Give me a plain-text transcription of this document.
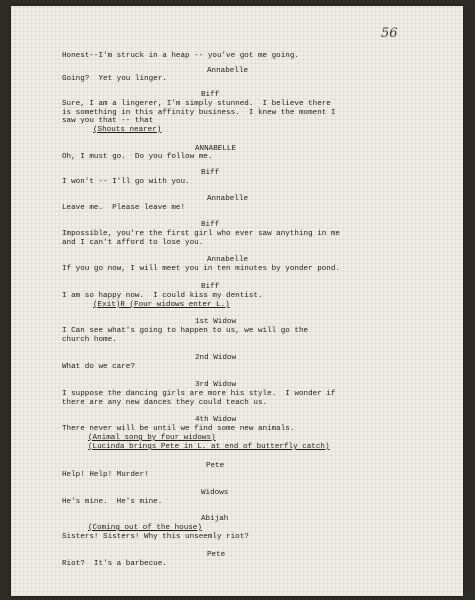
56
Honest--I'm struck in a heap -- you've got me going.
Annabelle
Going?  Yet you linger.
Biff
Sure, I am a lingerer, I'm simply stunned.  I believe there
is something in this affinity business.  I knew the moment I
saw you that -- that
(Shouts nearer)
ANNABELLE
Oh, I must go.  Do you follow me.
Biff
I won't -- I'll go with you.
Annabelle
Leave me.  Please leave me!
Biff
Impossible, you're the first girl who ever saw anything in me
and I can't afford to lose you.
Annabelle
If you go now, I will meet you in ten minutes by yonder pond.
Biff
I am so happy now.  I could kiss my dentist.
(Exit)R (Four widows enter L.)
1st Widow
I Can see what's going to happen to us, we will go the
church home.
2nd Widow
What do we care?
3rd Widow
I suppose the dancing girls are more his style.  I wonder if
there are any new dances they could teach us.
4th Widow
There never will be until we find some new animals.
(Animal song by four widows)
(Lucinda brings Pete in L. at end of butterfly catch)
Pete
Help! Help! Murder!
Widows
He's mine.  He's mine.
Abijah
(Coming out of the house)
Sisters! Sisters! Why this unseemly riot?
Pete
Riot?  It's a barbecue.
